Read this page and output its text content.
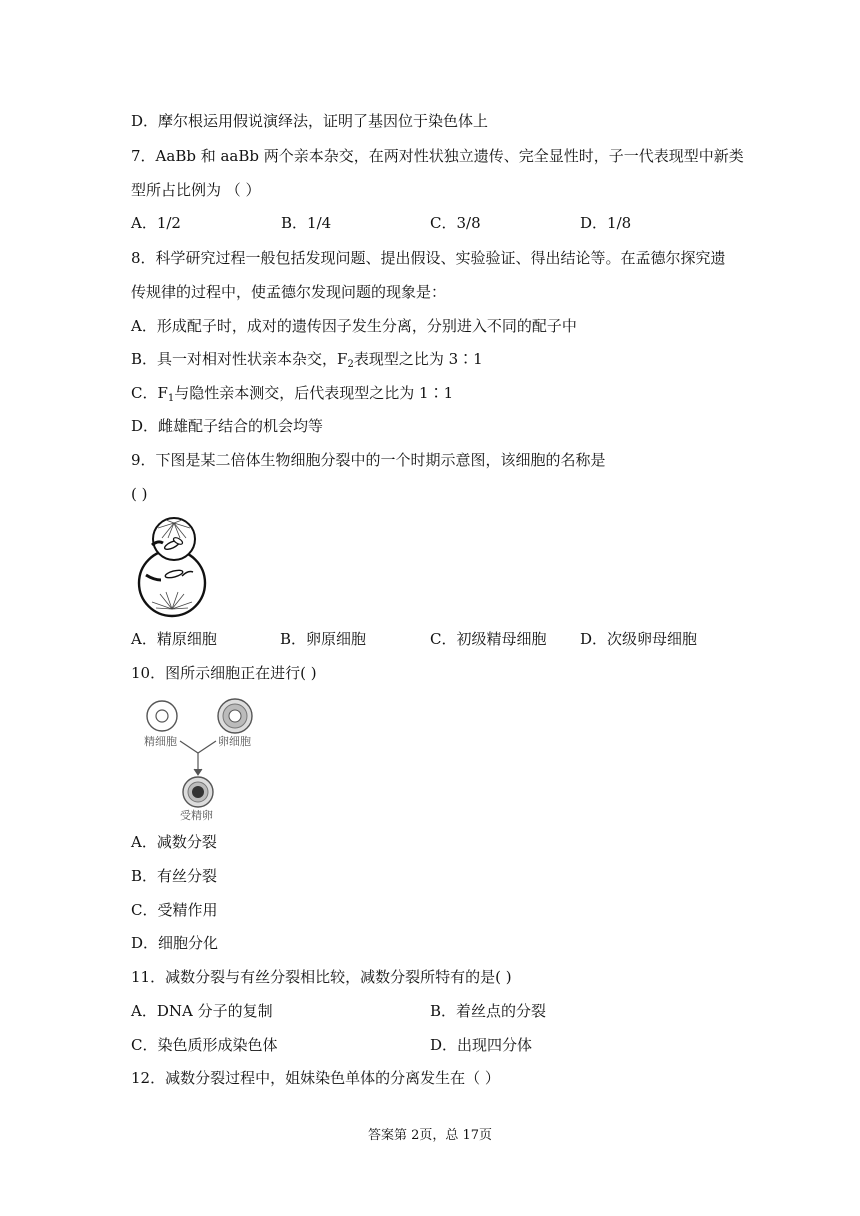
D．摩尔根运用假说演绎法，证明了基因位于染色体上
7．AaBb 和 aaBb 两个亲本杂交，在两对性状独立遗传、完全显性时，子一代表现型中新类
型所占比例为 （ ）
A．1/2	B．1/4	C．3/8	D．1/8
8．科学研究过程一般包括发现问题、提出假设、实验验证、得出结论等。在孟德尔探究遗
传规律的过程中，使孟德尔发现问题的现象是：
A．形成配子时，成对的遗传因子发生分离，分别进入不同的配子中
B．具一对相对性状亲本杂交，$F_2$表现型之比为 3∶1
C．$F_1$与隐性亲本测交，后代表现型之比为 1∶1
D．雌雄配子结合的机会均等
9．下图是某二倍体生物细胞分裂中的一个时期示意图，该细胞的名称是
( )
A．精原细胞	B．卵原细胞	C．初级精母细胞 D．次级卵母细胞
10．图所示细胞正在进行( )
精细胞	卵细胞
受精卵
A．减数分裂
B．有丝分裂
C．受精作用
D．细胞分化
11．减数分裂与有丝分裂相比较，减数分裂所特有的是( )
A．DNA 分子的复制	B．着丝点的分裂
C．染色质形成染色体	D．出现四分体
12．减数分裂过程中，姐妹染色单体的分离发生在（ ）
答案第 2页，总 17页
